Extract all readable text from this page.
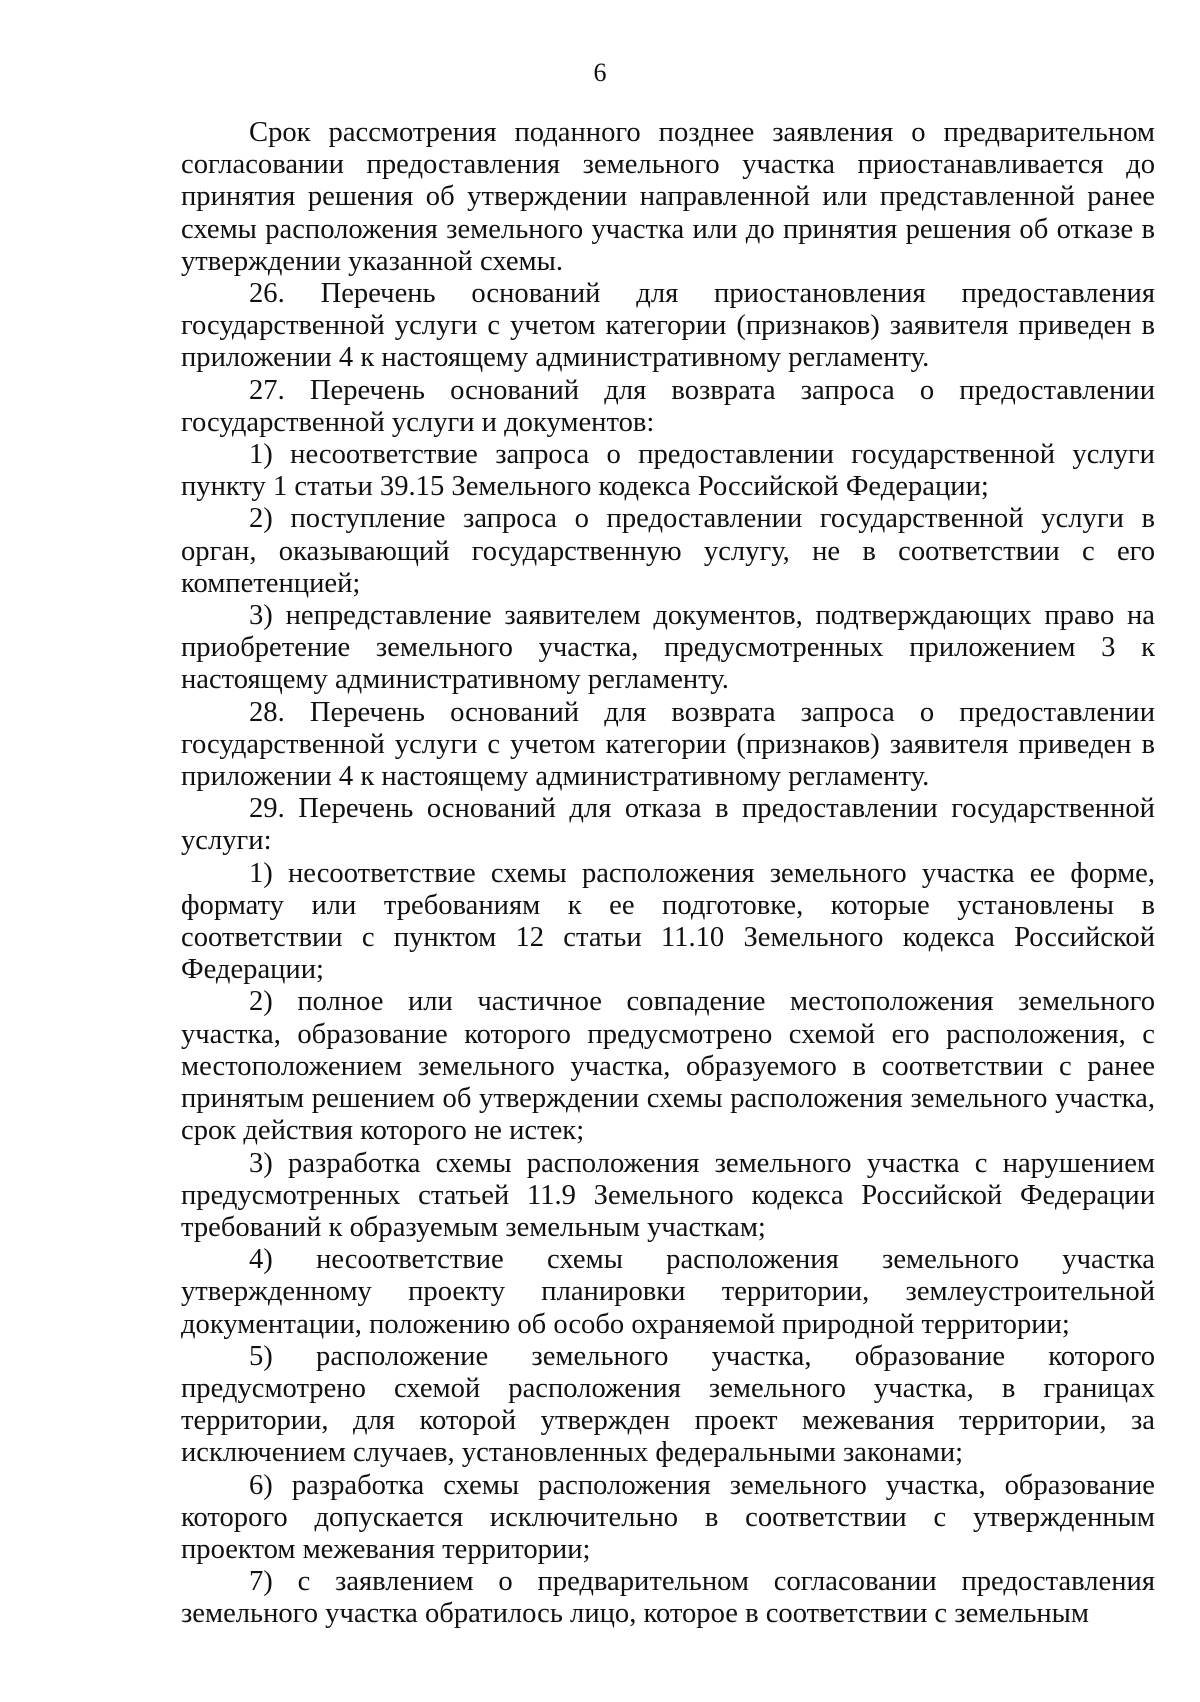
6

Срок рассмотрения поданного позднее заявления о предварительном согласовании предоставления земельного участка приостанавливается до принятия решения об утверждении направленной или представленной ранее схемы расположения земельного участка или до принятия решения об отказе в утверждении указанной схемы.

26. Перечень оснований для приостановления предоставления государственной услуги с учетом категории (признаков) заявителя приведен в приложении 4 к настоящему административному регламенту.

27. Перечень оснований для возврата запроса о предоставлении государственной услуги и документов:

1) несоответствие запроса о предоставлении государственной услуги пункту 1 статьи 39.15 Земельного кодекса Российской Федерации;

2) поступление запроса о предоставлении государственной услуги в орган, оказывающий государственную услугу, не в соответствии с его компетенцией;

3) непредставление заявителем документов, подтверждающих право на приобретение земельного участка, предусмотренных приложением 3 к настоящему административному регламенту.

28. Перечень оснований для возврата запроса о предоставлении государственной услуги с учетом категории (признаков) заявителя приведен в приложении 4 к настоящему административному регламенту.

29. Перечень оснований для отказа в предоставлении государственной услуги:

1) несоответствие схемы расположения земельного участка ее форме, формату или требованиям к ее подготовке, которые установлены в соответствии с пунктом 12 статьи 11.10 Земельного кодекса Российской Федерации;

2) полное или частичное совпадение местоположения земельного участка, образование которого предусмотрено схемой его расположения, с местоположением земельного участка, образуемого в соответствии с ранее принятым решением об утверждении схемы расположения земельного участка, срок действия которого не истек;

3) разработка схемы расположения земельного участка с нарушением предусмотренных статьей 11.9 Земельного кодекса Российской Федерации требований к образуемым земельным участкам;

4) несоответствие схемы расположения земельного участка утвержденному проекту планировки территории, землеустроительной документации, положению об особо охраняемой природной территории;

5) расположение земельного участка, образование которого предусмотрено схемой расположения земельного участка, в границах территории, для которой утвержден проект межевания территории, за исключением случаев, установленных федеральными законами;

6) разработка схемы расположения земельного участка, образование которого допускается исключительно в соответствии с утвержденным проектом межевания территории;

7) с заявлением о предварительном согласовании предоставления земельного участка обратилось лицо, которое в соответствии с земельным
